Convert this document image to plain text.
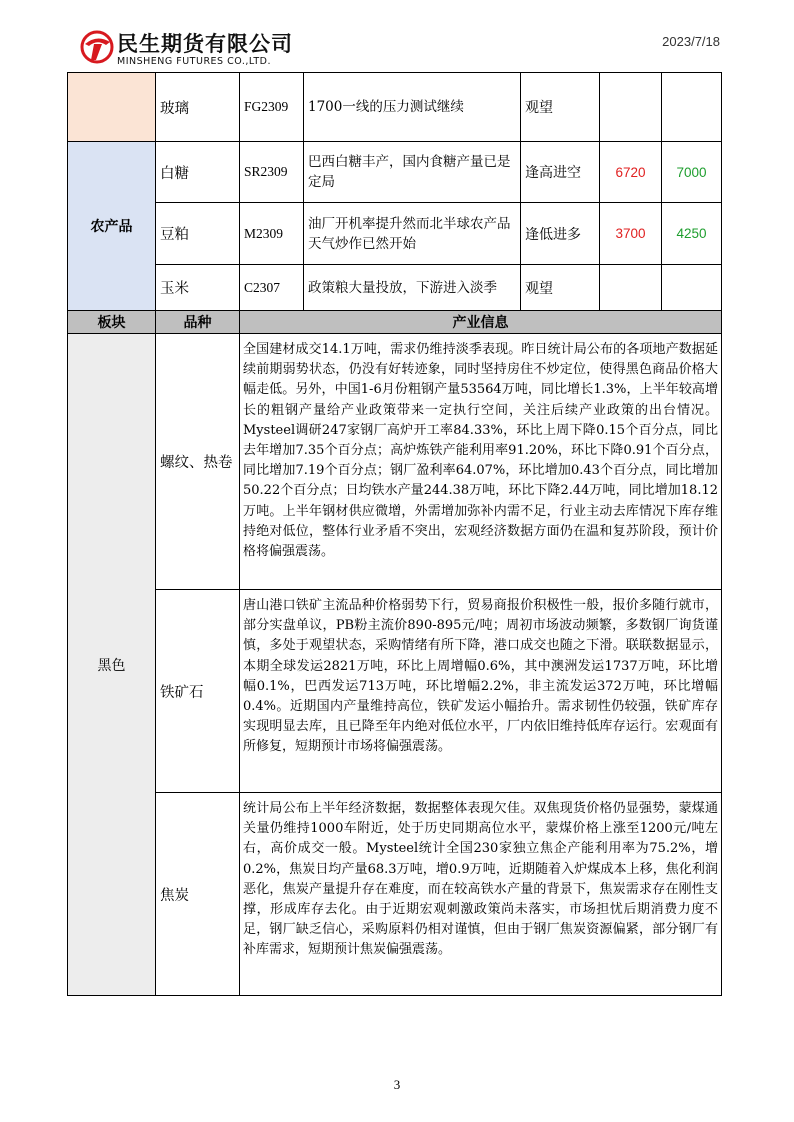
民生期货有限公司
MINSHENG FUTURES CO.,LTD.
2023/7/18
	玻璃	FG2309	1700一线的压力测试继续	观望		
农产品	白糖	SR2309	巴西白糖丰产，国内食糖产量已是定局	逢高进空	6720	7000
	豆粕	M2309	油厂开机率提升然而北半球农产品天气炒作已然开始	逢低进多	3700	4250
	玉米	C2307	政策粮大量投放，下游进入淡季	观望		
板块	品种	产业信息				
黑色	螺纹、热卷	全国建材成交14.1万吨，需求仍维持淡季表现。昨日统计局公布的各项地产数据延续前期弱势状态，仍没有好转迹象，同时坚持房住不炒定位，使得黑色商品价格大幅走低。另外，中国1-6月份粗钢产量53564万吨，同比增长1.3%，上半年较高增长的粗钢产量给产业政策带来一定执行空间，关注后续产业政策的出台情况。Mysteel调研247家钢厂高炉开工率84.33%，环比上周下降0.15个百分点，同比去年增加7.35个百分点；高炉炼铁产能利用率91.20%，环比下降0.91个百分点，同比增加7.19个百分点；钢厂盈利率64.07%，环比增加0.43个百分点，同比增加50.22个百分点；日均铁水产量244.38万吨，环比下降2.44万吨，同比增加18.12万吨。上半年钢材供应微增，外需增加弥补内需不足，行业主动去库情况下库存维持绝对低位，整体行业矛盾不突出，宏观经济数据方面仍在温和复苏阶段，预计价格将偏强震荡。				
	铁矿石	唐山港口铁矿主流品种价格弱势下行，贸易商报价积极性一般，报价多随行就市，部分实盘单议，PB粉主流价890-895元/吨；周初市场波动频繁，多数钢厂询货谨慎，多处于观望状态，采购情绪有所下降，港口成交也随之下滑。联联数据显示，本期全球发运2821万吨，环比上周增幅0.6%，其中澳洲发运1737万吨，环比增幅0.1%，巴西发运713万吨，环比增幅2.2%，非主流发运372万吨，环比增幅0.4%。近期国内产量维持高位，铁矿发运小幅抬升。需求韧性仍较强，铁矿库存实现明显去库，且已降至年内绝对低位水平，厂内依旧维持低库存运行。宏观面有所修复，短期预计市场将偏强震荡。				
	焦炭	统计局公布上半年经济数据，数据整体表现欠佳。双焦现货价格仍显强势，蒙煤通关量仍维持1000车附近，处于历史同期高位水平，蒙煤价格上涨至1200元/吨左右，高价成交一般。Mysteel统计全国230家独立焦企产能利用率为75.2%，增0.2%，焦炭日均产量68.3万吨，增0.9万吨，近期随着入炉煤成本上移，焦化利润恶化，焦炭产量提升存在难度，而在较高铁水产量的背景下，焦炭需求存在刚性支撑，形成库存去化。由于近期宏观刺激政策尚未落实，市场担忧后期消费力度不足，钢厂缺乏信心，采购原料仍相对谨慎，但由于钢厂焦炭资源偏紧，部分钢厂有补库需求，短期预计焦炭偏强震荡。				
3
